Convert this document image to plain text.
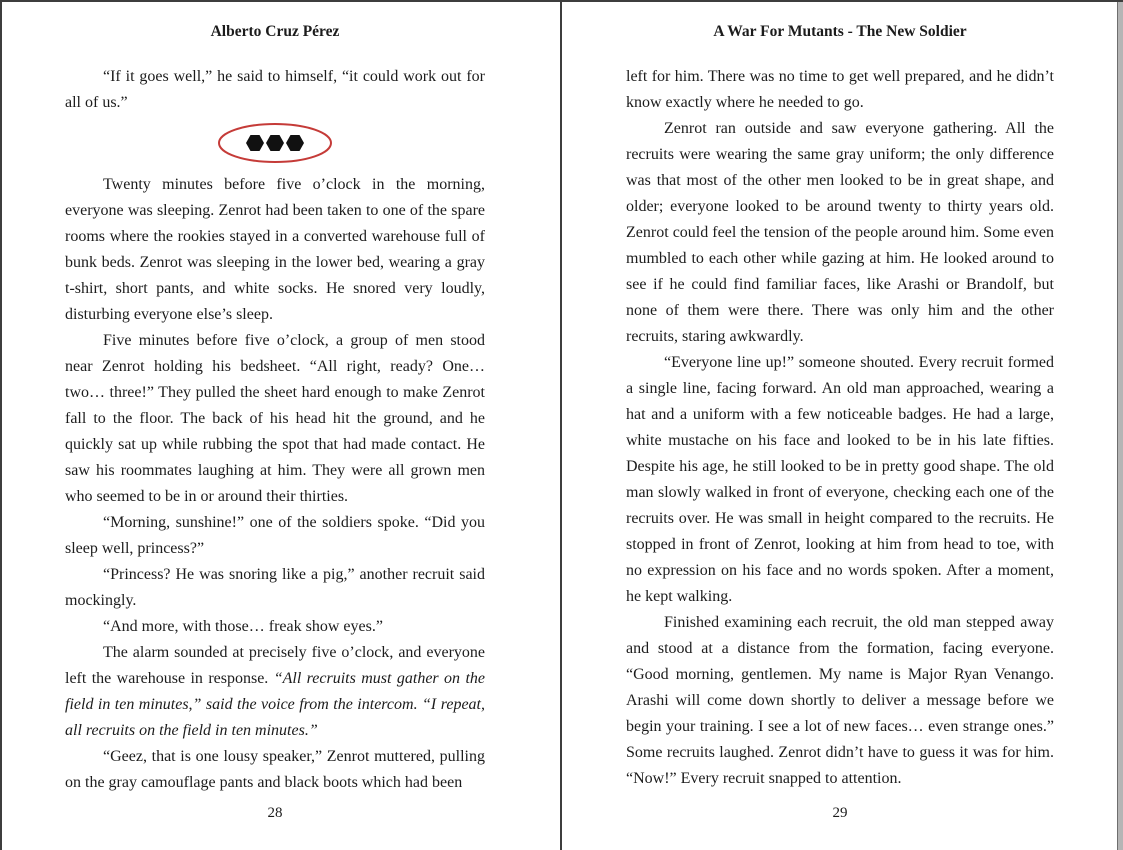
Alberto Cruz Pérez

“If it goes well,” he said to himself, “it could work out for all of us.”

Twenty minutes before five o’clock in the morning, everyone was sleeping. Zenrot had been taken to one of the spare rooms where the rookies stayed in a converted warehouse full of bunk beds. Zenrot was sleeping in the lower bed, wearing a gray t-shirt, short pants, and white socks. He snored very loudly, disturbing everyone else’s sleep.

Five minutes before five o’clock, a group of men stood near Zenrot holding his bedsheet. “All right, ready? One… two… three!” They pulled the sheet hard enough to make Zenrot fall to the floor. The back of his head hit the ground, and he quickly sat up while rubbing the spot that had made contact. He saw his roommates laughing at him. They were all grown men who seemed to be in or around their thirties.

“Morning, sunshine!” one of the soldiers spoke. “Did you sleep well, princess?”

“Princess? He was snoring like a pig,” another recruit said mockingly.

“And more, with those… freak show eyes.”

The alarm sounded at precisely five o’clock, and everyone left the warehouse in response. “All recruits must gather on the field in ten minutes,” said the voice from the intercom. “I repeat, all recruits on the field in ten minutes.”

“Geez, that is one lousy speaker,” Zenrot muttered, pulling on the gray camouflage pants and black boots which had been

28
A War For Mutants - The New Soldier

left for him. There was no time to get well prepared, and he didn’t know exactly where he needed to go.

Zenrot ran outside and saw everyone gathering. All the recruits were wearing the same gray uniform; the only difference was that most of the other men looked to be in great shape, and older; everyone looked to be around twenty to thirty years old. Zenrot could feel the tension of the people around him. Some even mumbled to each other while gazing at him. He looked around to see if he could find familiar faces, like Arashi or Brandolf, but none of them were there. There was only him and the other recruits, staring awkwardly.

“Everyone line up!” someone shouted. Every recruit formed a single line, facing forward. An old man approached, wearing a hat and a uniform with a few noticeable badges. He had a large, white mustache on his face and looked to be in his late fifties. Despite his age, he still looked to be in pretty good shape. The old man slowly walked in front of everyone, checking each one of the recruits over. He was small in height compared to the recruits. He stopped in front of Zenrot, looking at him from head to toe, with no expression on his face and no words spoken. After a moment, he kept walking.

Finished examining each recruit, the old man stepped away and stood at a distance from the formation, facing everyone. “Good morning, gentlemen. My name is Major Ryan Venango. Arashi will come down shortly to deliver a message before we begin your training. I see a lot of new faces… even strange ones.” Some recruits laughed. Zenrot didn’t have to guess it was for him. “Now!” Every recruit snapped to attention.

29
